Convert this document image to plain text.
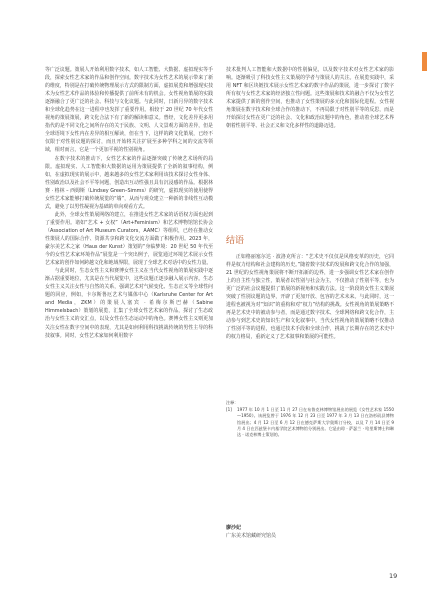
等广泛议题。策展人开始利用数字技术，如人工智能、大数据、虚拟现实等手段，探索女性艺术家的作品和创作空间。数字技术为女性艺术的展示带来了新的维度，特别是在打破传统物理展示方式的限制方面，虚拟展览和增强现实技术为女性艺术作品的体验和传播提供了前所未有的机会。女性视角策展的实践逐渐融合了更广泛的社会、科技与文化议题。与此同时，日新月异的数字技术和全球化趋势在这一进程中也发挥了重要作用。相较于 20 世纪 70 年代女性视角的策展策展，跨文化合法下有了新的解读和意义。曾经，文化差异更多用指代的是不同文化之间所存在的关于民族、文明、人文景观方面的差异，但是全球语境下女性内在差异的相互解读，但在当下，这样的跨文化策展，已经不仅限于对性别议题的探讨，而且开始将关注扩展至多种学科之间的交流等领域，相对而言，它是一个更加平视的性别视角。

在数字技术的推动下，女性艺术家的作品逐渐突破了传统艺术场所的局限。虚拟现实、人工智能和大数据的运用为策展提供了全新的叙事结构，例如，在虚拟现实的展示中，越来越多的女性艺术家利用该技术探讨女性身体、性别政治以及社会不平等问题，创造出互动性强且具有沉浸感的作品。根据林赛 · 格林 – 西姆斯（Lindsey Green–Simms）的研究，虚拟现实的使用使得女性艺术家能够打破传统展览的“墙”，从而与观众建立一种新的非线性互动模式，避免了以男性凝视为基础的单向观看方式。

此外，全球女性策展网络的建立，在推进女性艺术家的话语权方面也起到了重要作用。诸如“艺术 + 女权”（Art+Feminism）和艺术博物馆馆长协会（Association of Art Museum Curators，AAMC）等组织，已经在推动女性策展人的国际合作、资源共享和跨文化交流方面做了积极作用。2023 年，豪尔美艺术之家（Haus der Kunst）策划的“身临梦境：20 世纪 50 年代至今的女性艺术家环境作品”展览是一个突出例子，展览通过环境艺术展示女性艺术家的创作如何跨越文化和地域界限，展现了全球艺术对话中的女性力量。

与此同时，生态女性主义和赛博女性主义在当代女性视角的策展实践中逐渐占据重要地位，尤其是在当代展览中，这些议题正逐步融入展示内容。生态女性主义关注女性与自然的关系，强调艺术对气候变化、生态正义等全球性问题的回应，例如，卡尔斯鲁厄艺术与媒体中心（Karlsruhe Center for Art and Media，ZKM）的策展人塞宾 · 希梅尔斯巴赫（Sabine Himmelsbach）策划的展览，汇集了全球女性艺术家的作品，探讨了生态政治与女性主义的交汇点，以及女性在生态运动中的角色。赛博女性主义则更加关注女性在数字空间中的表现，尤其是如何利用科技挑战传统的男性主导的科技叙事。同时，女性艺术家如何利用数字

技术批判人工智能和大数据中的性别偏见，以及数字技术对女性艺术家的影响。逐渐吸引了科技女性主义策展的学者与策展人的关注。在展览实践中，采用 NFT 和区块链技术展示女性艺术家的数字作品的策展，进一步探讨了数字所有权与女性艺术家的经济独立性问题。这些策展和技术的融合不仅为女性艺术家提供了新的创作空间，也推动了女性策展的多元化和国际化进程。女性视角策展在数字技术和全球合作的推动下，不再局限于对性别平等的反思，而是开始探讨女性在更广泛的社会、文化和政治议题中的角色，推动着全球艺术界朝着性别平等、社会正义和文化多样性的道路迈进。

结语

正如格丽塞尔达 · 波洛克所言：“艺术史不仅仅是风格变革的历史，它同样是权力结构和社会建构的历史。”随着数字技术的发展和跨文化合作的加强，21 世纪的女性视角策展将不断开拓新的边界，进一步强调女性艺术家在创作上的自主性与独立性，策展者以性别与社会为主，不仅推动了性别平等，也为更广泛的社会议题提供了策展的新视角和实践方法。这一阶段的女性主义策展突破了性别议题的边界，开辟了更加开放、包容的艺术未来。与此同时，这一进程也被视为对“知识”的重构和对“权力”结构的挑战。女性视角的策展策略不再是艺术史中的被动参与者，而是通过数字技术、全球网络和跨文化合作，主动参与到艺术史的知识生产和文化叙事中。当代女性视角的策展策略不仅推动了性别平等的进程，也通过技术手段和全球合作，挑战了长期存在的艺术史中的权力格局，重新定义了艺术叙事和策展的可能性。

注释：
[1]	1977 年 10 月 1 日至 11 月 27 日在布鲁克林博物馆展出的展览《女性艺术家 1550—1950》。该展览曾于 1976 年 12 月 23 日至 1977 年 3 月 13 日在洛杉矶县博物馆展出；4 月 12 日至 6 月 12 日在德克萨斯大学奥斯汀分校，以及 7 月 14 日至 9 月 4 日在匹兹堡卡内基学院艺术博物馆分别展出。它是由琼 · 萨瑟兰 · 哈里斯博士和琳达 · 诺克林博士策划的。
廖沙妃
广东美术馆藏研究馆员
19
